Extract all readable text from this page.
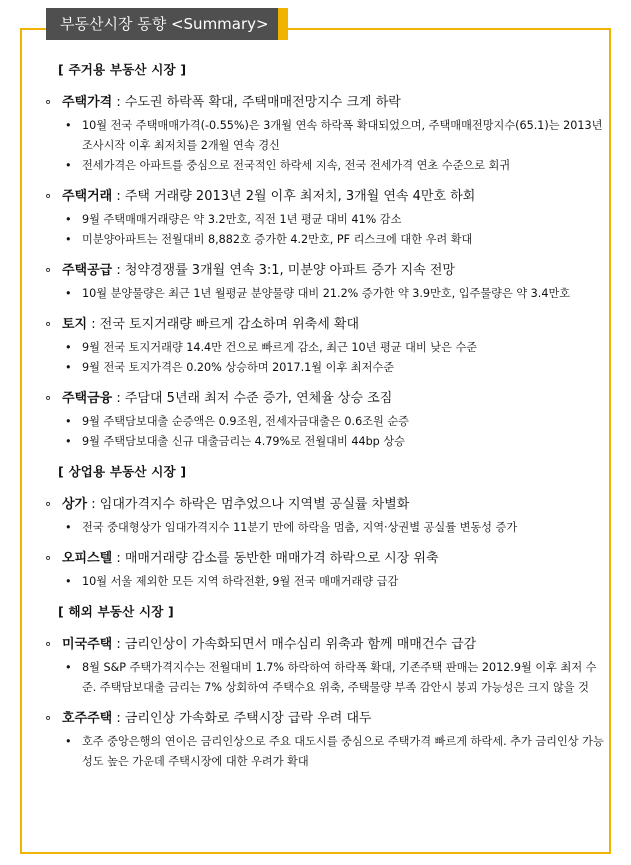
부동산시장 동향 <Summary>
[ 주거용 부동산 시장 ]
∘ 주택가격 : 수도권 하락폭 확대, 주택매매전망지수 크게 하락
• 10월 전국 주택매매가격(-0.55%)은 3개월 연속 하락폭 확대되었으며, 주택매매전망지수(65.1)는 2013년 조사시작 이후 최저치를 2개월 연속 경신
• 전세가격은 아파트를 중심으로 전국적인 하락세 지속, 전국 전세가격 연초 수준으로 회귀
∘ 주택거래 : 주택 거래량 2013년 2월 이후 최저치, 3개월 연속 4만호 하회
• 9월 주택매매거래량은 약 3.2만호, 직전 1년 평균 대비 41% 감소
• 미분양아파트는 전월대비 8,882호 증가한 4.2만호, PF 리스크에 대한 우려 확대
∘ 주택공급 : 청약경쟁률 3개월 연속 3:1, 미분양 아파트 증가 지속 전망
• 10월 분양물량은 최근 1년 월평균 분양물량 대비 21.2% 증가한 약 3.9만호, 입주물량은 약 3.4만호
∘ 토지 : 전국 토지거래량 빠르게 감소하며 위축세 확대
• 9월 전국 토지거래량 14.4만 건으로 빠르게 감소, 최근 10년 평균 대비 낮은 수준
• 9월 전국 토지가격은 0.20% 상승하며 2017.1월 이후 최저수준
∘ 주택금융 : 주담대 5년래 최저 수준 증가, 연체율 상승 조짐
• 9월 주택담보대출 순증액은 0.9조원, 전세자금대출은 0.6조원 순증
• 9월 주택담보대출 신규 대출금리는 4.79%로 전월대비 44bp 상승
[ 상업용 부동산 시장 ]
∘ 상가 : 임대가격지수 하락은 멈추었으나 지역별 공실률 차별화
• 전국 중대형상가 임대가격지수 11분기 만에 하락을 멈춤, 지역·상권별 공실률 변동성 증가
∘ 오피스텔 : 매매거래량 감소를 동반한 매매가격 하락으로 시장 위축
• 10월 서울 제외한 모든 지역 하락전환, 9월 전국 매매거래량 급감
[ 해외 부동산 시장 ]
∘ 미국주택 : 금리인상이 가속화되면서 매수심리 위축과 함께 매매건수 급감
• 8월 S&P 주택가격지수는 전월대비 1.7% 하락하여 하락폭 확대, 기존주택 판매는 2012.9월 이후 최저 수준. 주택담보대출 금리는 7% 상회하여 주택수요 위축, 주택물량 부족 감안시 붕괴 가능성은 크지 않을 것
∘ 호주주택 : 금리인상 가속화로 주택시장 급락 우려 대두
• 호주 중앙은행의 연이은 금리인상으로 주요 대도시를 중심으로 주택가격 빠르게 하락세. 추가 금리인상 가능성도 높은 가운데 주택시장에 대한 우려가 확대
